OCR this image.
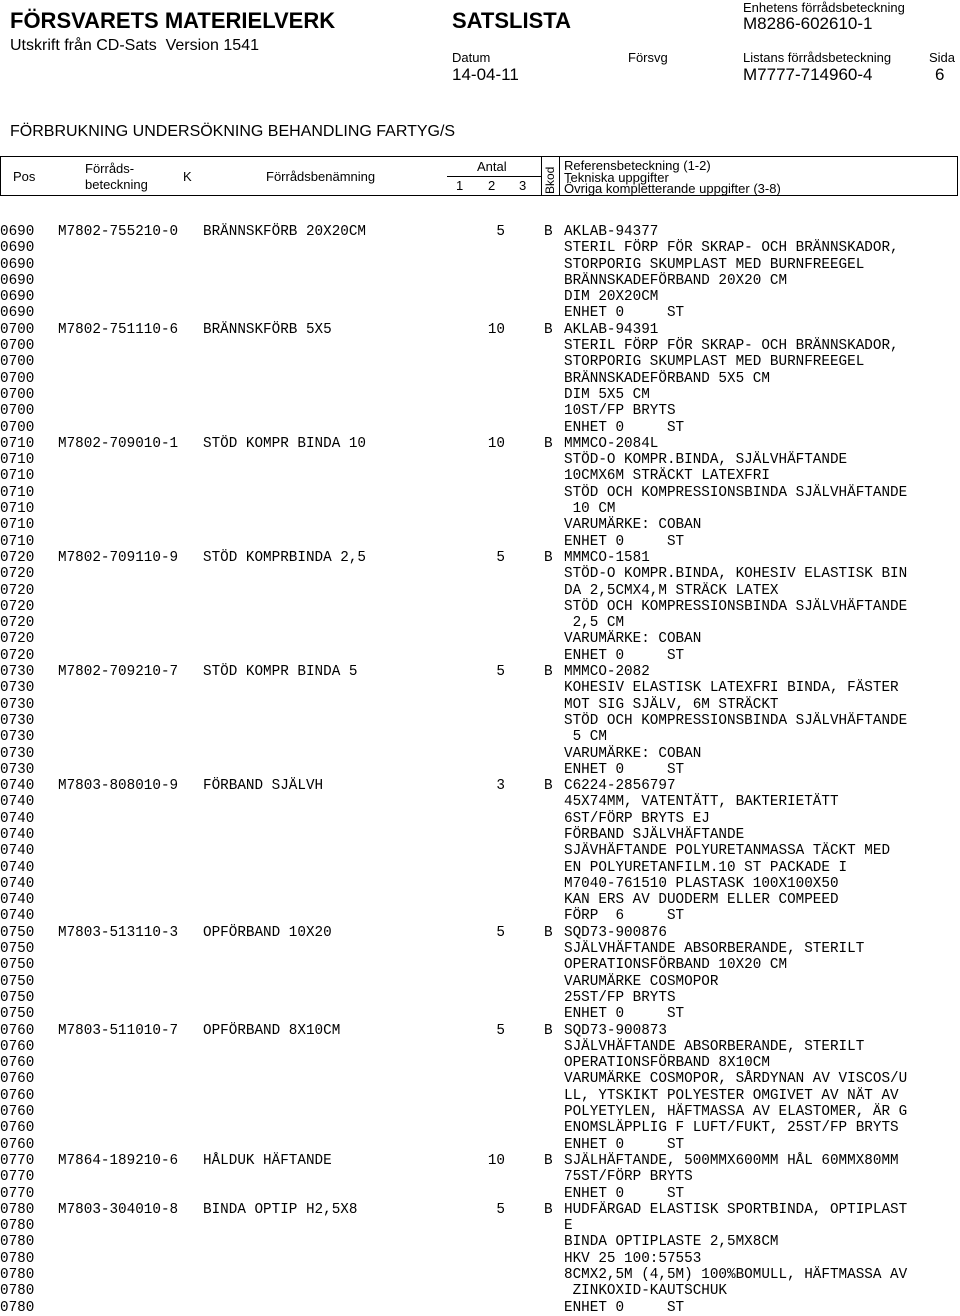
FÖRSVARETS MATERIELVERK	SATSLISTA
Enhetens förrådsbeteckning
M8286-602610-1
Utskrift från CD-Sats  Version 1541
Datum
14-04-11
Försvg	Listans förrådsbeteckning
M7777-714960-4
Sida
6
FÖRBRUKNING UNDERSÖKNING BEHANDLING FARTYG/S
Pos
Förråds-
beteckning
K	Förrådsbenämning
Antal
1 2 3 Bkod
Referensbeteckning (1-2)
Tekniska uppgifter
Övriga kompletterande uppgifter (3-8)
0690 M7802-755210-0 BRÄNNSKFÖRB 20X20CM	5	B AKLAB-94377
0690	STERIL FÖRP FÖR SKRAP- OCH BRÄNNSKADOR,
0690	STORPORIG SKUMPLAST MED BURNFREEGEL
0690	BRÄNNSKADEFÖRBAND 20X20 CM
0690	DIM 20X20CM
0690	ENHET 0     ST
0700 M7802-751110-6 BRÄNNSKFÖRB 5X5	10	B AKLAB-94391
0700	STERIL FÖRP FÖR SKRAP- OCH BRÄNNSKADOR,
0700	STORPORIG SKUMPLAST MED BURNFREEGEL
0700	BRÄNNSKADEFÖRBAND 5X5 CM
0700	DIM 5X5 CM
0700	10ST/FP BRYTS
0700	ENHET 0     ST
0710 M7802-709010-1 STÖD KOMPR BINDA 10	10	B MMMCO-2084L
0710	STÖD-O KOMPR.BINDA, SJÄLVHÄFTANDE
0710	10CMX6M STRÄCKT LATEXFRI
0710	STÖD OCH KOMPRESSIONSBINDA SJÄLVHÄFTANDE
0710	10 CM
0710	VARUMÄRKE: COBAN
0710	ENHET 0     ST
0720 M7802-709110-9 STÖD KOMPRBINDA 2,5	5	B MMMCO-1581
0720	STÖD-O KOMPR.BINDA, KOHESIV ELASTISK BIN
0720	DA 2,5CMX4,M STRÄCK LATEX
0720	STÖD OCH KOMPRESSIONSBINDA SJÄLVHÄFTANDE
0720	2,5 CM
0720	VARUMÄRKE: COBAN
0720	ENHET 0     ST
0730 M7802-709210-7 STÖD KOMPR BINDA 5	5	B MMMCO-2082
0730	KOHESIV ELASTISK LATEXFRI BINDA, FÄSTER
0730	MOT SIG SJÄLV, 6M STRÄCKT
0730	STÖD OCH KOMPRESSIONSBINDA SJÄLVHÄFTANDE
0730	5 CM
0730	VARUMÄRKE: COBAN
0730	ENHET 0     ST
0740 M7803-808010-9 FÖRBAND SJÄLVH	3	B C6224-2856797
0740	45X74MM, VATENTÄTT, BAKTERIETÄTT
0740	6ST/FÖRP BRYTS EJ
0740	FÖRBAND SJÄLVHÄFTANDE
0740	SJÄVHÄFTANDE POLYURETANMASSA TÄCKT MED
0740	EN POLYURETANFILM.10 ST PACKADE I
0740	M7040-761510 PLASTASK 100X100X50
0740	KAN ERS AV DUODERM ELLER COMPEED
0740	FÖRP  6     ST
0750 M7803-513110-3 OPFÖRBAND 10X20	5	B SQD73-900876
0750	SJÄLVHÄFTANDE ABSORBERANDE, STERILT
0750	OPERATIONSFÖRBAND 10X20 CM
0750	VARUMÄRKE COSMOPOR
0750	25ST/FP BRYTS
0750	ENHET 0     ST
0760 M7803-511010-7 OPFÖRBAND 8X10CM	5	B SQD73-900873
0760	SJÄLVHÄFTANDE ABSORBERANDE, STERILT
0760	OPERATIONSFÖRBAND 8X10CM
0760	VARUMÄRKE COSMOPOR, SÅRDYNAN AV VISCOS/U
0760	LL, YTSKIKT POLYESTER OMGIVET AV NÄT AV
0760	POLYETYLEN, HÄFTMASSA AV ELASTOMER, ÄR G
0760	ENOMSLÄPPLIG F LUFT/FUKT, 25ST/FP BRYTS
0760	ENHET 0     ST
0770 M7864-189210-6 HÅLDUK HÄFTANDE	10	B SJÄLHÄFTANDE, 500MMX600MM HÅL 60MMX80MM
0770	75ST/FÖRP BRYTS
0770	ENHET 0     ST
0780 M7803-304010-8 BINDA OPTIP H2,5X8	5	B HUDFÄRGAD ELASTISK SPORTBINDA, OPTIPLAST
0780	E
0780	BINDA OPTIPLASTE 2,5MX8CM
0780	HKV 25 100:57553
0780	8CMX2,5M (4,5M) 100%BOMULL, HÄFTMASSA AV
0780	ZINKOXID-KAUTSCHUK
0780	ENHET 0     ST
